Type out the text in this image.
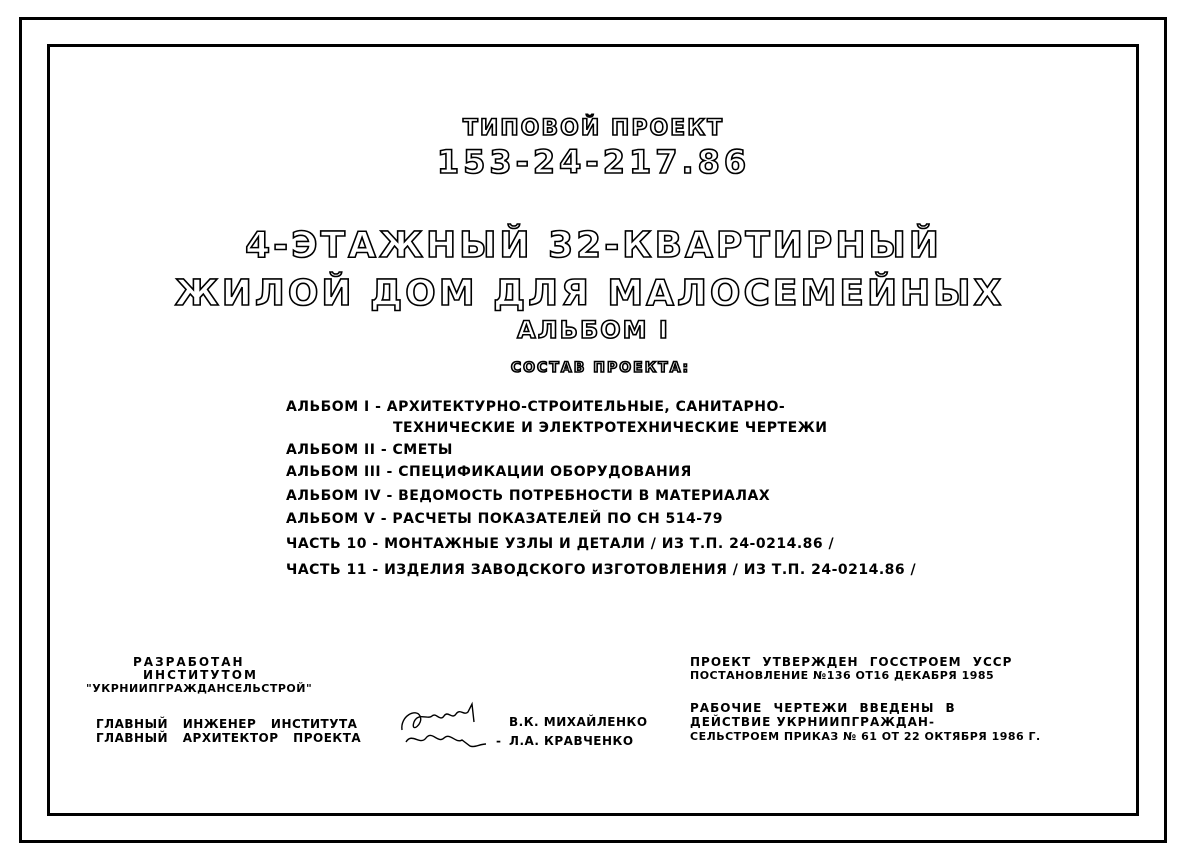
ТИПОВОЙ ПРОЕКТ
153-24-217.86
4-ЭТАЖНЫЙ 32-КВАРТИРНЫЙ
ЖИЛОЙ ДОМ ДЛЯ МАЛОСЕМЕЙНЫХ
АЛЬБОМ I
СОСТАВ ПРОЕКТА:
АЛЬБОМ I - АРХИТЕКТУРНО-СТРОИТЕЛЬНЫЕ, САНИТАРНО-
ТЕХНИЧЕСКИЕ И ЭЛЕКТРОТЕХНИЧЕСКИЕ ЧЕРТЕЖИ
АЛЬБОМ II - СМЕТЫ
АЛЬБОМ III - СПЕЦИФИКАЦИИ ОБОРУДОВАНИЯ
АЛЬБОМ IV - ВЕДОМОСТЬ ПОТРЕБНОСТИ В МАТЕРИАЛАХ
АЛЬБОМ V - РАСЧЕТЫ ПОКАЗАТЕЛЕЙ ПО СН 514-79
ЧАСТЬ 10 - МОНТАЖНЫЕ УЗЛЫ И ДЕТАЛИ / ИЗ Т.П. 24-0214.86 /
ЧАСТЬ 11 - ИЗДЕЛИЯ ЗАВОДСКОГО ИЗГОТОВЛЕНИЯ / ИЗ Т.П. 24-0214.86 /
РАЗРАБОТАН
ИНСТИТУТОМ
"УКРНИИПГРАЖДАНСЕЛЬСТРОЙ"
ГЛАВНЫЙ ИНЖЕНЕР ИНСТИТУТА
ГЛАВНЫЙ АРХИТЕКТОР ПРОЕКТА
В.К. МИХАЙЛЕНКО
- Л.А. КРАВЧЕНКО
ПРОЕКТ УТВЕРЖДЕН ГОССТРОЕМ УССР
ПОСТАНОВЛЕНИЕ №136 ОТ16 ДЕКАБРЯ 1985
РАБОЧИЕ ЧЕРТЕЖИ ВВЕДЕНЫ В
ДЕЙСТВИЕ УКРНИИПГРАЖДАН-
СЕЛЬСТРОЕМ ПРИКАЗ № 61 ОТ 22 ОКТЯБРЯ 1986 Г.
